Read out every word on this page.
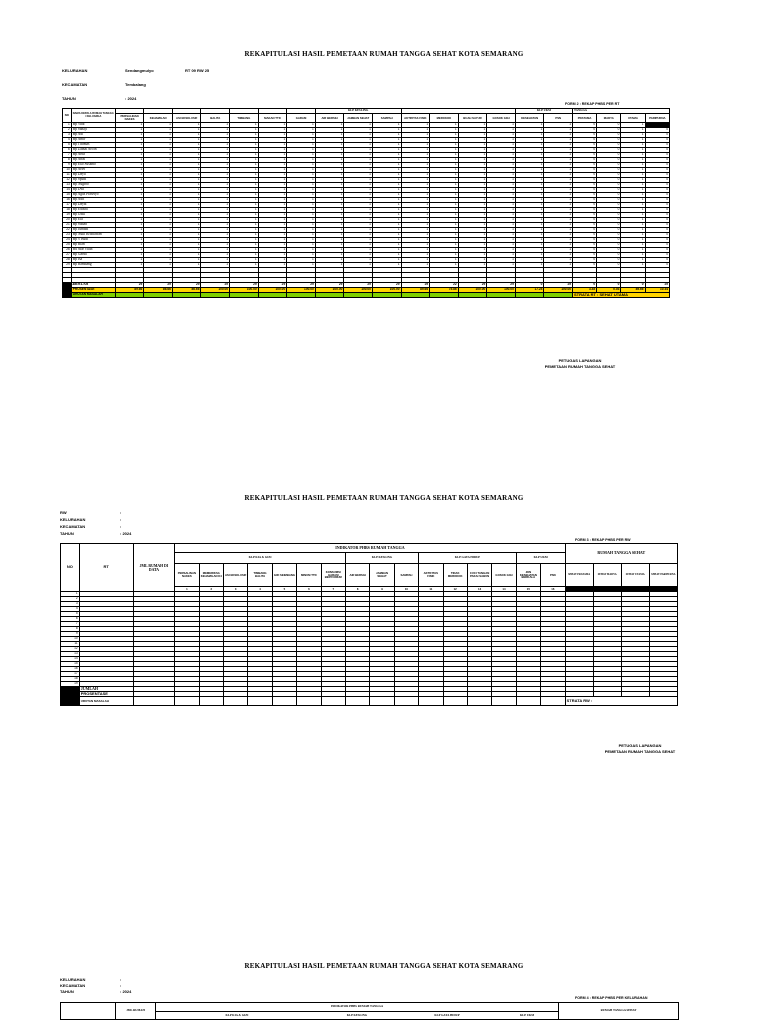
REKAPITULASI HASIL PEMETAAN RUMAH TANGGA SEHAT KOTA SEMARANG
KELURAHAN	Sendangmulyo	RT 09 RW 25
KECAMATAN	Tembalang
TAHUN	: 2024
FORM 2 : REKAP PHBS PER RT
NO	NAMA KEPALA RUMAH TANGGA / KELUARGA								KLP KESLING							KLP UKM		TANGGA			
		PERSALINAN NAKES	KEHAMILAN	ASI EKSKLUSIF	BALITA	TIMBANG	MAKAN TTD	GARAM	AIR BERSIH	JAMBAN SEHAT	SAMPAH	AKTIFITAS FISIK	MEROKOK	BUAH SAYUR	GOSOK GIGI	KESEHATAN	PSN	PRATAMA	MADYA	UTAMA	PARIPURNA
1	Bp Yudi	1	1	1	1	1	1	1	1	1	1	1	1	1	1	1	1	0	0	1	0
2	Bp Sanaji	1	1	1	1	1	1	1	1	1	1	1	1	1	1	1	1	0	0	1	0
3	Bp Adi	1	1	1	1	1	1	1	1	1	1	1	1	1	1	1	1	0	0	1	0
4	Bp Amir	1	1	1	1	1	1	1	1	1	1	1	1	1	1	1	1	0	0	1	0
5	Bp Thomas	1	1	1	1	1	1	1	1	1	1	1	1	1	1	1	1	0	0	1	0
6	Bp Zainal Arifin	1	1	1	1	1	1	1	1	1	1	1	1	1	1	1	1	0	0	1	0
7	Bp Arba	1	1	1	1	1	1	1	1	1	1	1	1	1	1	1	1	0	0	1	0
8	Bp Anas	1	1	1	1	1	1	1	1	1	1	1	1	1	1	1	1	0	0	1	0
9	Bp Eko Susanto	1	1	1	1	1	1	1	1	1	1	1	1	1	1	1	1	0	0	1	0
10	Bp Arief	1	1	1	1	1	1	1	1	1	1	1	1	1	1	1	1	0	0	1	0
11	Bp Dayu	1	1	1	1	1	1	1	1	1	1	1	1	1	1	1	1	0	0	1	0
12	Bp Spudi	1	1	1	1	1	1	1	1	1	1	1	1	1	1	1	1	0	0	1	0
13	Bp Nugroo	1	1	1	1	1	1	1	1	1	1	1	1	1	1	1	1	0	0	1	0
14	Bp Dwi	1	1	1	1	1	1	1	1	1	1	1	1	1	1	1	1	0	0	1	0
15	Bp Agus Prasetyo	1	1	1	1	1	1	1	1	1	1	1	1	1	1	1	1	0	0	1	0
16	Bp Adit	1	1	1	1	1	1	1	1	1	1	1	1	1	1	1	1	0	0	1	0
17	Bp Dayat	1	1	1	1	1	1	1	1	1	1	1	1	1	1	1	1	0	0	1	0
18	Bp Edisha	1	1	1	1	1	1	1	1	1	1	1	1	1	1	1	1	0	0	1	0
19	Bp Udik	1	1	1	1	1	1	1	1	1	1	1	1	1	1	1	1	0	0	1	0
20	Bp Ela	1	1	1	1	1	1	1	1	1	1	1	1	1	1	1	1	0	0	1	0
21	Bp Sudah	1	1	1	1	1	1	1	1	1	1	1	1	1	1	1	1	0	0	1	0
22	Bp Jumadi	1	1	1	1	1	1	1	1	1	1	1	1	1	1	1	1	0	0	1	0
23	Bp Nuki Kristiawan	1	1	1	1	1	1	1	1	1	1	1	1	1	1	1	1	0	0	1	0
24	Bp Y Budi	1	1	1	1	1	1	1	1	1	1	1	1	1	1	1	1	0	0	1	0
25	Bp Rian	1	1	1	1	1	1	1	1	1	1	1	1	1	1	1	1	0	0	1	0
26	Bu Mar Yilah	1	1	1	1	1	1	1	1	1	1	1	1	1	1	1	1	0	0	1	0
27	Bp Garda	1	1	1	1	1	1	1	1	1	1	1	1	1	1	1	1	0	0	1	0
28	Bp Isa	1	1	1	1	1	1	1	1	1	1	1	1	1	1	1	1	0	0	1	0
29	Bp Bambang	1	1	1	1	1	1	1	1	1	1	1	1	1	1	1	1	0	0	1	0

JUMLAH	JUMLAH	29	29	29	29	29	29	29	29	29	29	29	22	29	29	0	29	0	0	0	29
	PROSENTASE	89.66	86.66	86.66	100.00	100.00	100.00	100.00	100.00	100.00	100.00	89.66	75.86	100.00	100.00	17.24	100.00	3.45	0.03	89.66	10.34
	URUTAN MASALAH																	STRATA RT : SEHAT UTAMA			
PETUGAS LAPANGAN
PEMETAAN RUMAH TANGGA SEHAT
REKAPITULASI HASIL PEMETAAN RUMAH TANGGA SEHAT KOTA SEMARANG
RW	:
KELURAHAN	:
KECAMATAN	:
TAHUN	: 2024
FORM 3 : REKAP PHBS PER RW
NO	RT	JML RUMAH DI DATA	INDIKATOR PHBS RUMAH TANGGA																RUMAH TANGGA SEHAT			
			KLP KIA & GIZI							KLP KESLING			KLP GAYA HIDUP				KLP UKM					
			PERSALINAN NAKES	MEMERIKSA KEHAMILAN K4	ASI EKSKLUSIF	TIMBANG BALITA	GIZI SEIMBANG	MINUM TTD	KONSUMSI GARAM BERYODIUM	AIR BERSIH	JAMBAN SEHAT	SAMPAH	AKTIFITAS FISIK	TIDAK MEROKOK	CUCI TANGAN PAKAI SABUN	GOSOK GIGI	JKN KESEHATAN BERKALA	PSN	SEHAT PRATAMA	SEHAT MADYA	SEHAT UTAMA	SEHAT PARIPURNA
			1	2	3	4	5	6	7	8	9	10	11	12	13	14	15	16				
1																						
2																						
3																						
4																						
5																						
6																						
7																						
8																						
9																						
10																						
11																						
12																						
13																						
14																						
15																						
16																						
17																						
18																						
19																						
	JUMLAH																					
	PROSENTASE																					
	URUTAN MASALAH																		STRATA RW :			
PETUGAS LAPANGAN
PEMETAAN RUMAH TANGGA SEHAT
REKAPITULASI HASIL PEMETAAN RUMAH TANGGA SEHAT KOTA SEMARANG
KELURAHAN	:
KECAMATAN	:
TAHUN	: 2024
FORM 4 : REKAP PHBS PER KELURAHAN
	JML RUMAH	INDIKATOR PHBS RUMAH TANGGA	RUMAH TANGGA SEHAT
KLP KIA & GIZI	KLP KESLING	KLP GAYA HIDUP	KLP UKM
